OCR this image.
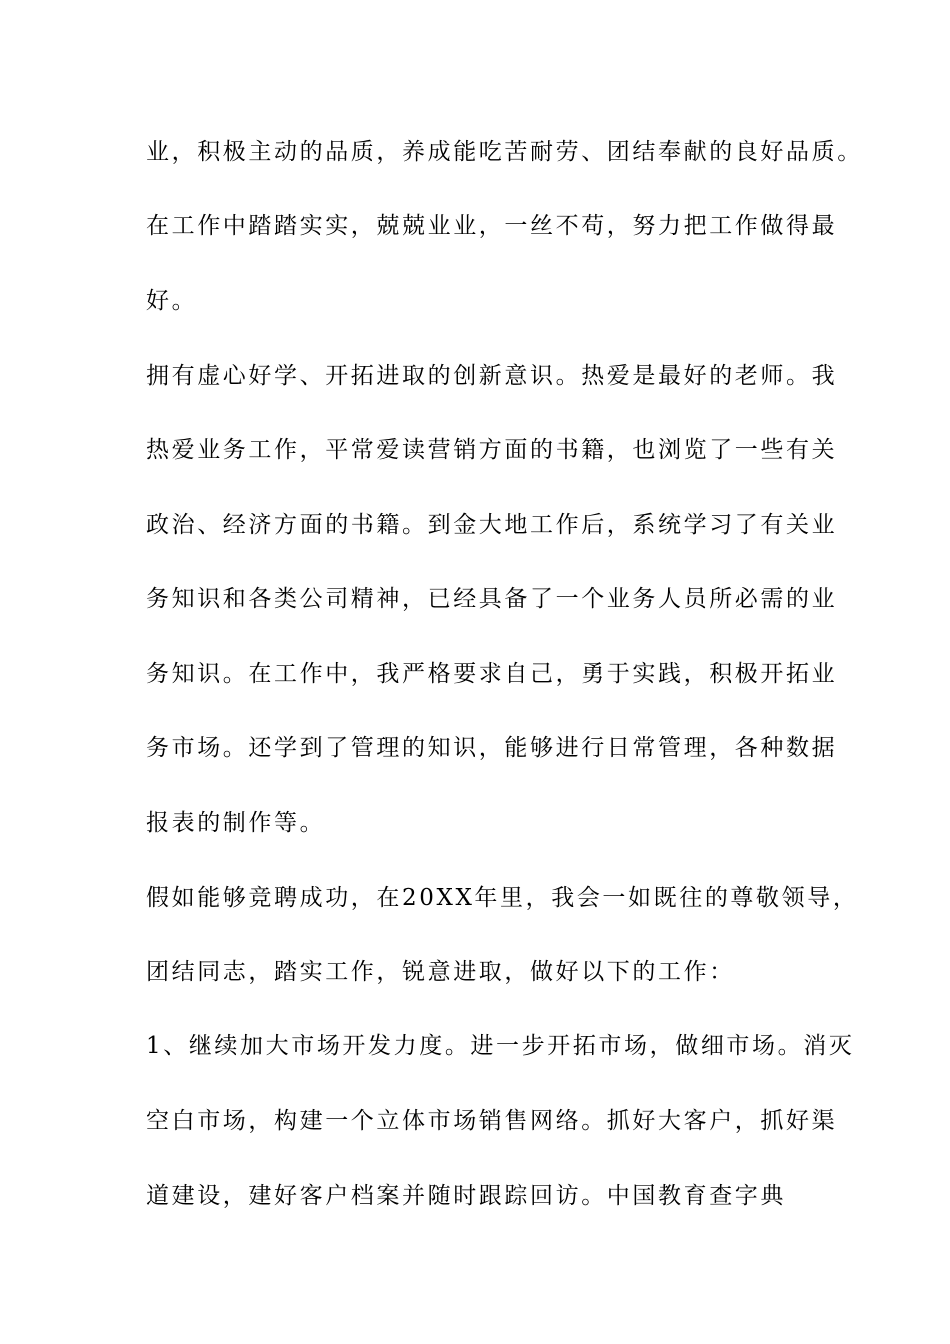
业，积极主动的品质，养成能吃苦耐劳、团结奉献的良好品质。
在工作中踏踏实实，兢兢业业，一丝不苟，努力把工作做得最
好。
拥有虚心好学、开拓进取的创新意识。热爱是最好的老师。我
热爱业务工作，平常爱读营销方面的书籍，也浏览了一些有关
政治、经济方面的书籍。到金大地工作后，系统学习了有关业
务知识和各类公司精神，已经具备了一个业务人员所必需的业
务知识。在工作中，我严格要求自己，勇于实践，积极开拓业
务市场。还学到了管理的知识，能够进行日常管理，各种数据
报表的制作等。
假如能够竞聘成功，在20XX年里，我会一如既往的尊敬领导，
团结同志，踏实工作，锐意进取，做好以下的工作：
1、继续加大市场开发力度。进一步开拓市场，做细市场。消灭
空白市场，构建一个立体市场销售网络。抓好大客户，抓好渠
道建设，建好客户档案并随时跟踪回访。中国教育查字典
